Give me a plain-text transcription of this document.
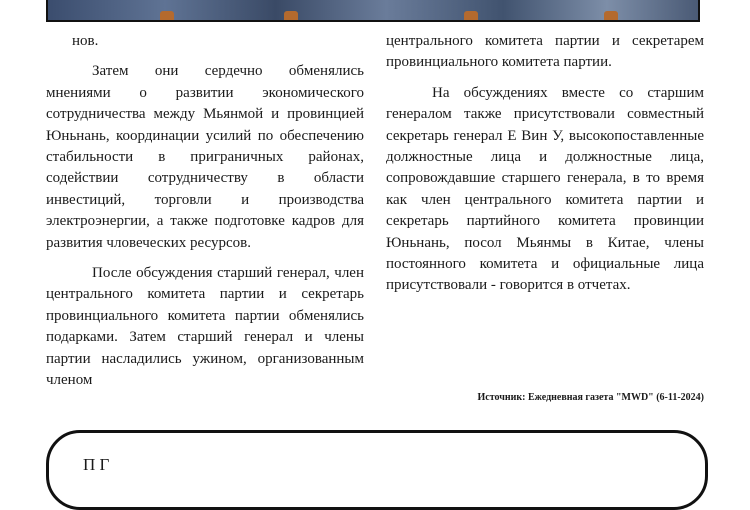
нов.

Затем они сердечно обменялись мнениями о развитии экономического сотрудничества между Мьянмой и провинцией Юньнань, координации усилий по обеспечению стабильности в приграничных районах, содействии сотрудничеству в области инвестиций, торговли и производства электроэнергии, а также подготовке кадров для развития чловеческих ресурсов.

После обсуждения старший генерал, член центрального комитета партии и секретарь провинциального комитета партии обменялись подарками. Затем старший генерал и члены партии насладились ужином, организованным членом

центрального комитета партии и секретарем провинциального комитета партии.

На обсуждениях вместе со старшим генералом также присутствовали совместный секретарь генерал Е Вин У, высокопоставленные должностные лица и должностные лица, сопровождавшие старшего генерала, в то время как член центрального комитета партии и секретарь партийного комитета провинции Юньнань, посол Мьянмы в Китае, члены постоянного комитета и официальные лица присутствовали - говорится в отчетах.

Источник: Ежедневная газета "MWD" (6-11-2024)
П Г
